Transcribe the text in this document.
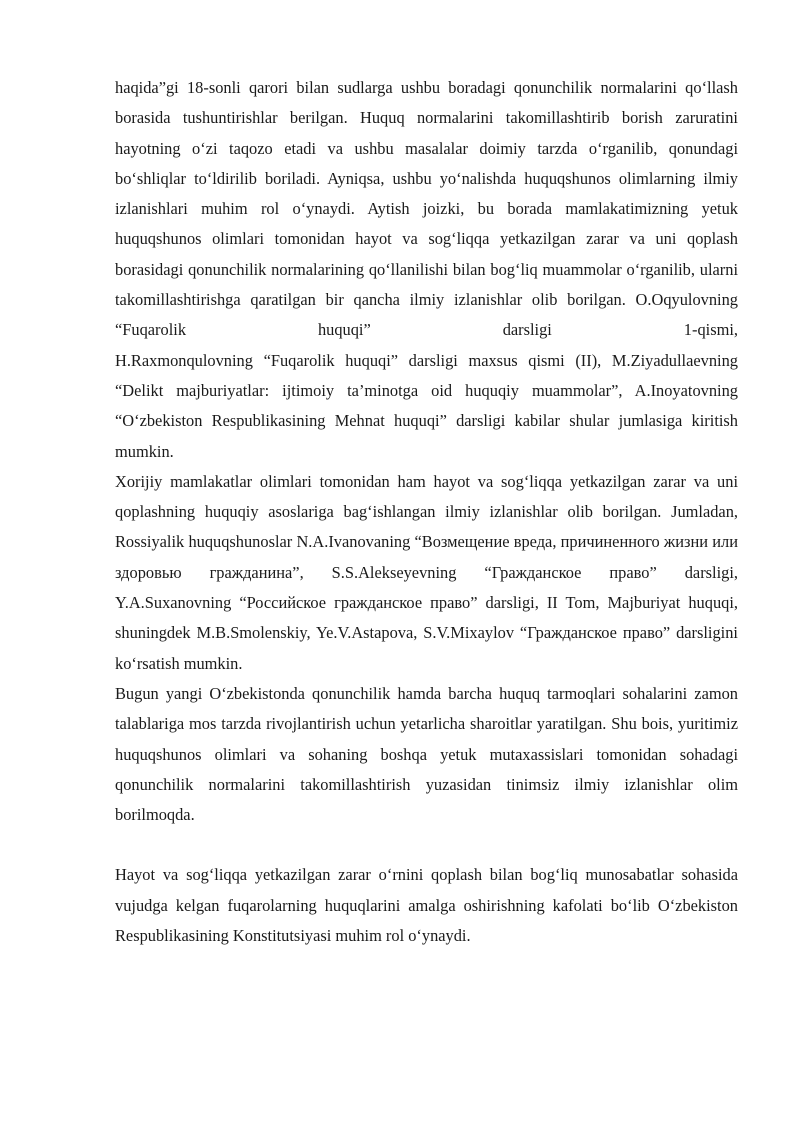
haqida”gi 18-sonli qarori bilan sudlarga ushbu boradagi qonunchilik normalarini qo‘llash borasida tushuntirishlar berilgan. Huquq normalarini takomillashtirib borish zaruratini hayotning o‘zi taqozo etadi va ushbu masalalar doimiy tarzda o‘rganilib, qonundagi bo‘shliqlar to‘ldirilib boriladi. Ayniqsa, ushbu yo‘nalishda huquqshunos olimlarning ilmiy izlanishlari muhim rol o‘ynaydi. Aytish joizki, bu borada mamlakatimizning yetuk huquqshunos olimlari tomonidan hayot va sog‘liqqa yetkazilgan zarar va uni qoplash borasidagi qonunchilik normalarining qo‘llanilishi bilan bog‘liq muammolar o‘rganilib, ularni takomillashtirishga qaratilgan bir qancha ilmiy izlanishlar olib borilgan. O.Oqyulovning “Fuqarolik huquqi” darsligi 1-qismi,

H.Raxmonqulovning “Fuqarolik huquqi” darsligi maxsus qismi (II), M.Ziyadullaevning “Delikt majburiyatlar: ijtimoiy ta’minotga oid huquqiy muammolar”, A.Inoyatovning “O‘zbekiston Respublikasining Mehnat huquqi” darsligi kabilar shular jumlasiga kiritish mumkin.

Xorijiy mamlakatlar olimlari tomonidan ham hayot va sog‘liqqa yetkazilgan zarar va uni qoplashning huquqiy asoslariga bag‘ishlangan ilmiy izlanishlar olib borilgan. Jumladan, Rossiyalik huquqshunoslar N.A.Ivanovaning “Возмещение вреда, причиненного жизни или здоровью гражданина”, S.S.Alekseyevning “Гражданское право” darsligi, Y.A.Suxanovning “Российское гражданское право” darsligi, II Tom, Majburiyat huquqi, shuningdek M.B.Smolenskiy, Ye.V.Astapova, S.V.Mixaylov “Гражданское право” darsligini ko‘rsatish mumkin.

Bugun yangi O‘zbekistonda qonunchilik hamda barcha huquq tarmoqlari sohalarini zamon talablariga mos tarzda rivojlantirish uchun yetarlicha sharoitlar yaratilgan. Shu bois, yuritimiz huquqshunos olimlari va sohaning boshqa yetuk mutaxassislari tomonidan sohadagi qonunchilik normalarini takomillashtirish yuzasidan tinimsiz ilmiy izlanishlar olim borilmoqda.

Hayot va sog‘liqqa yetkazilgan zarar o‘rnini qoplash bilan bog‘liq munosabatlar sohasida vujudga kelgan fuqarolarning huquqlarini amalga oshirishning kafolati bo‘lib O‘zbekiston Respublikasining Konstitutsiyasi muhim rol o‘ynaydi.
